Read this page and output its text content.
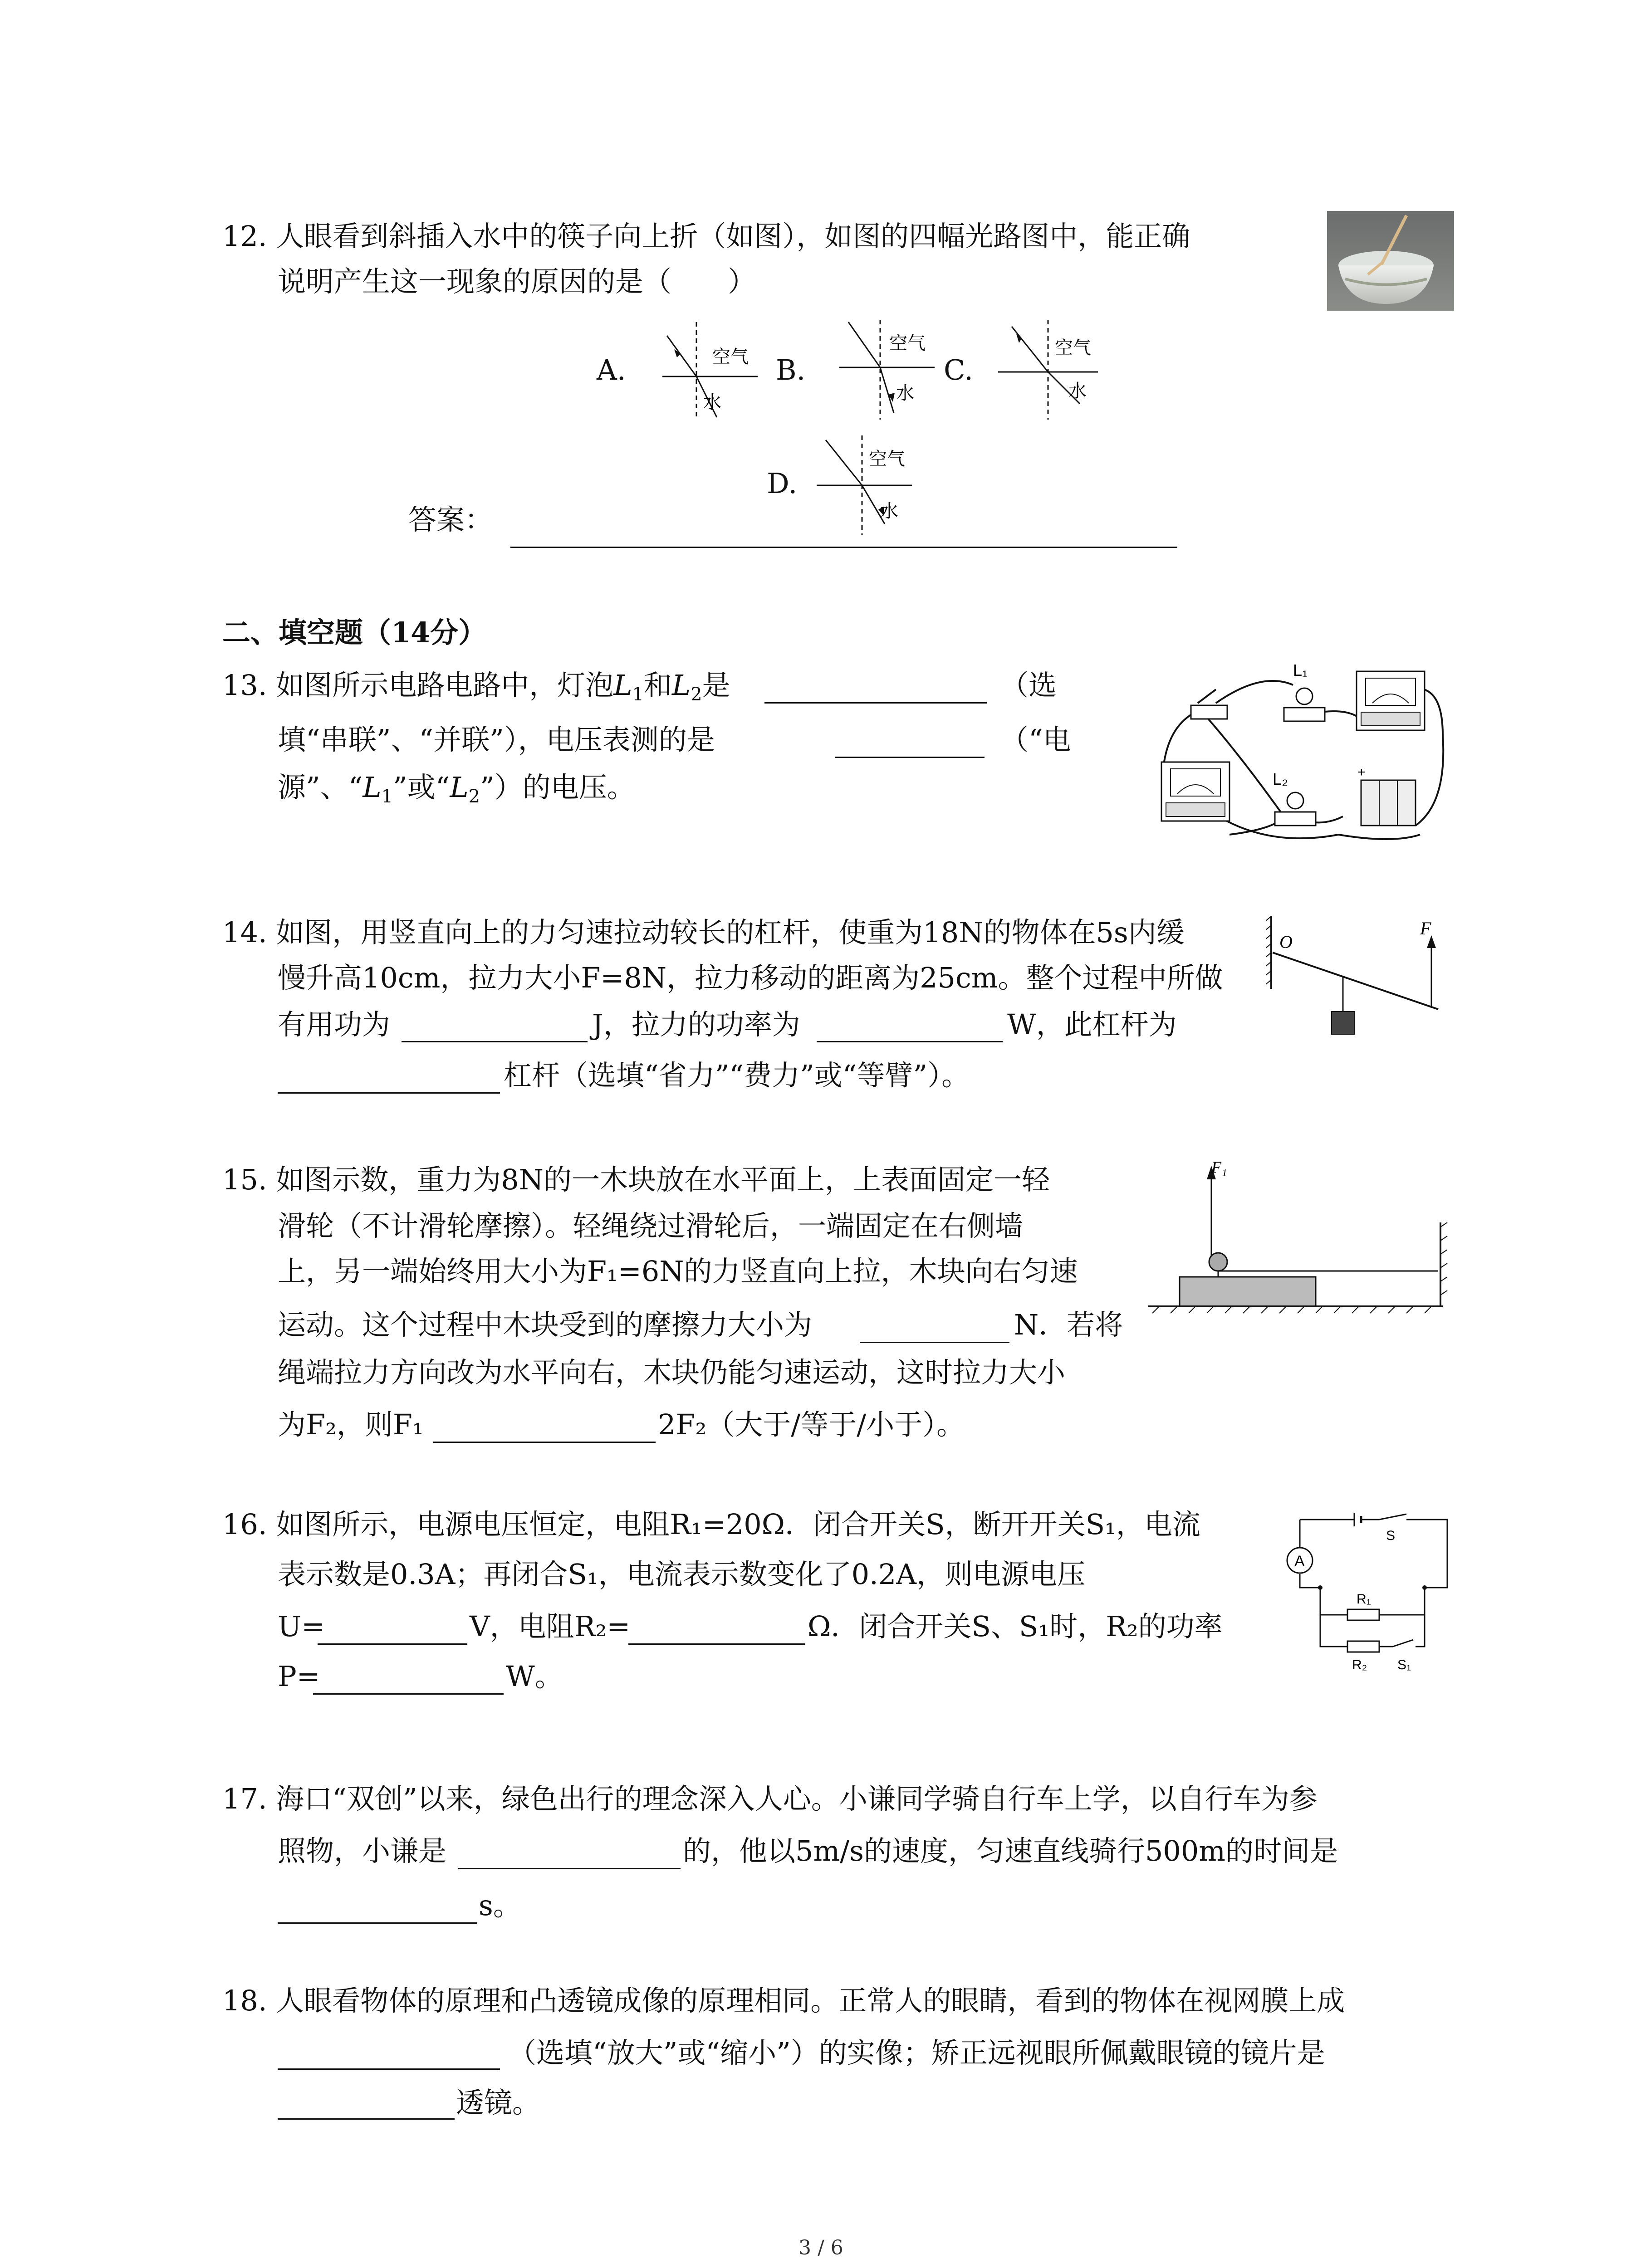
12. 人眼看到斜插入水中的筷子向上折（如图），如图的四幅光路图中，能正确
说明产生这一现象的原因的是（　　）
A.	空气
水
B.
空气
水
C.
空气
水
D.
空气
水
答案：
二、填空题（14分）
13. 如图所示电路电路中，灯泡$L_1$和$L_2$是	（选
填“串联”、“并联”），电压表测的是	（“电
源”、“$L_1$”或“$L_2$”）的电压。
L₁
L₂	+
14. 如图，用竖直向上的力匀速拉动较长的杠杆，使重为18N的物体在5s内缓
慢升高10cm，拉力大小F=8N，拉力移动的距离为25cm。整个过程中所做
有用功为	J，拉力的功率为	W，此杠杆为
杠杆（选填“省力”“费力”或“等臂”）。
O
F
15. 如图示数，重力为8N的一木块放在水平面上，上表面固定一轻
滑轮（不计滑轮摩擦）。轻绳绕过滑轮后，一端固定在右侧墙
上，另一端始终用大小为F₁=6N的力竖直向上拉，木块向右匀速
运动。这个过程中木块受到的摩擦力大小为	N．若将
绳端拉力方向改为水平向右，木块仍能匀速运动，这时拉力大小
为F₂，则F₁	2F₂（大于/等于/小于）。
F₁
16. 如图所示，电源电压恒定，电阻R₁=20Ω．闭合开关S，断开开关S₁，电流
表示数是0.3A；再闭合S₁，电流表示数变化了0.2A，则电源电压
U=	V，电阻R₂=	Ω．闭合开关S、S₁时，R₂的功率
P=	W。
A
S
R₁
R₂ S₁
17. 海口“双创”以来，绿色出行的理念深入人心。小谦同学骑自行车上学，以自行车为参
照物，小谦是	的，他以5m/s的速度，匀速直线骑行500m的时间是
s。
18. 人眼看物体的原理和凸透镜成像的原理相同。正常人的眼睛，看到的物体在视网膜上成
（选填“放大”或“缩小”）的实像；矫正远视眼所佩戴眼镜的镜片是
透镜。
3 / 6
